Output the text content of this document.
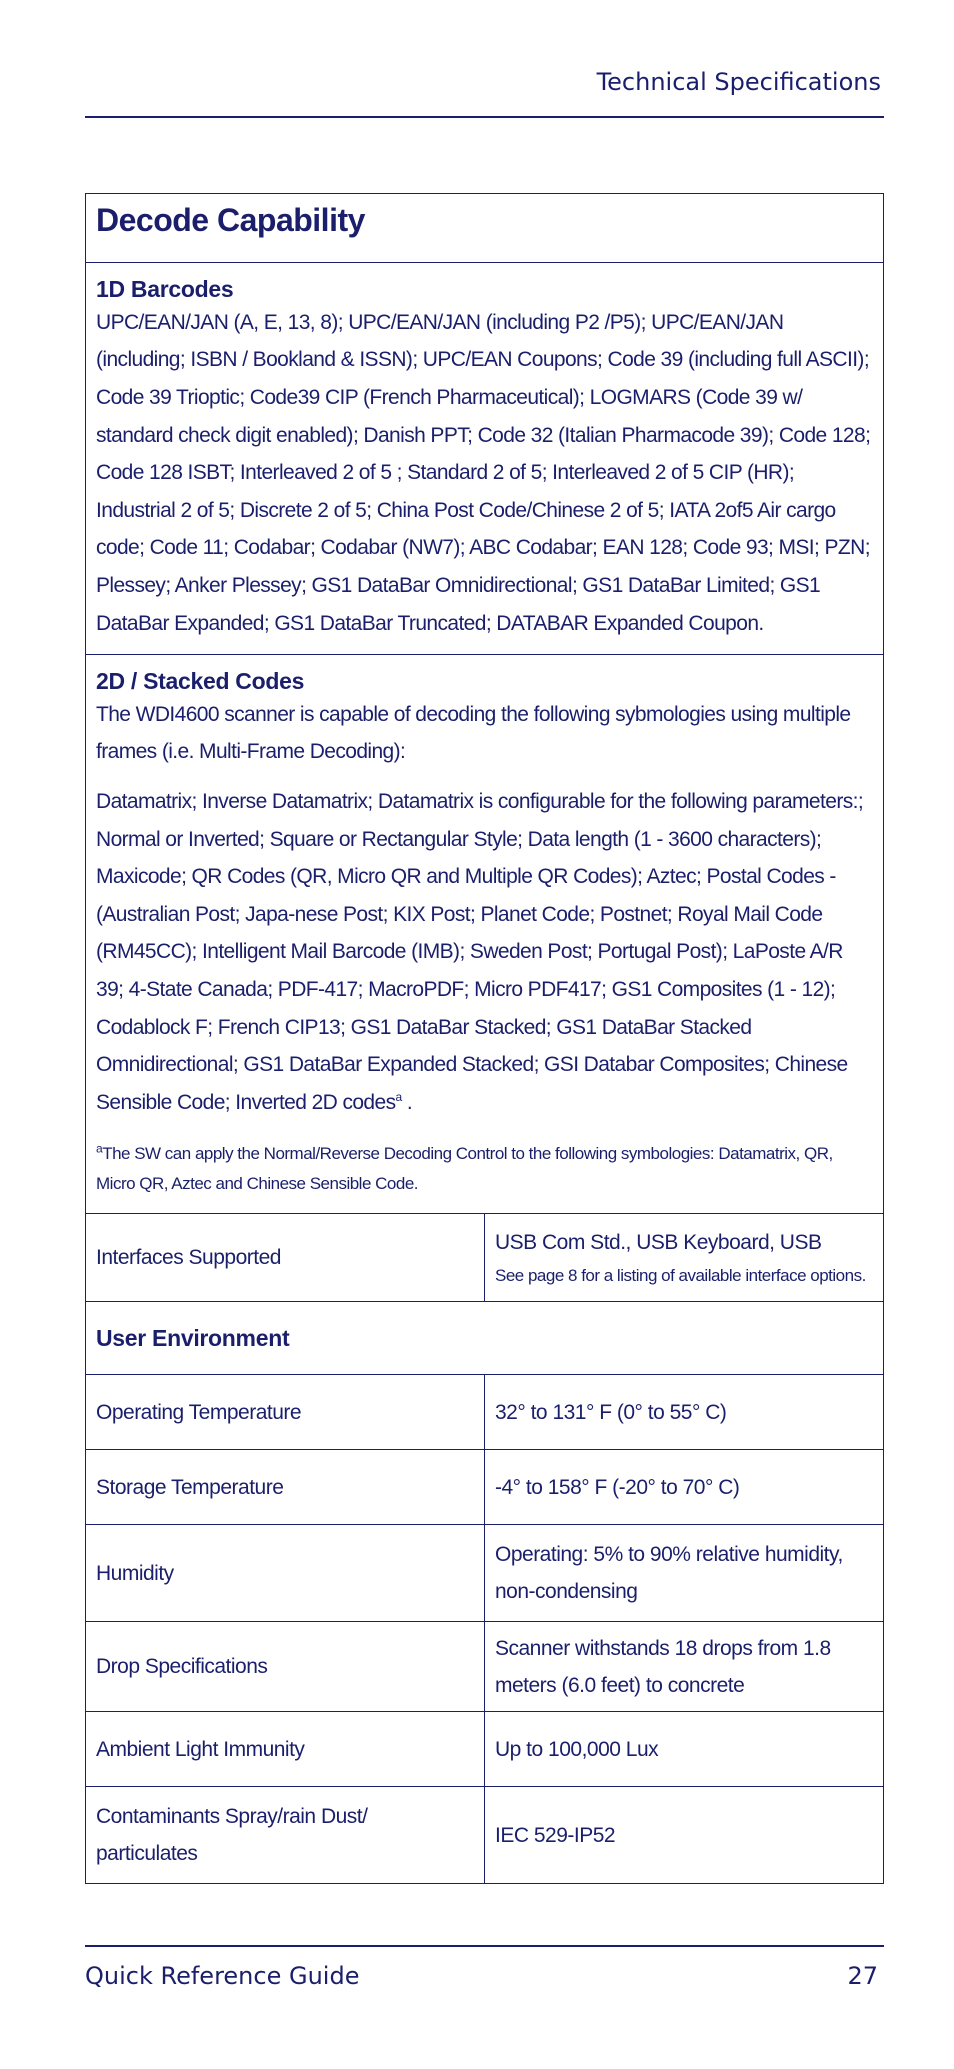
Technical Specifications
Decode Capability	

1D Barcodes

UPC/EAN/JAN (A, E, 13, 8); UPC/EAN/JAN (including P2 /P5); UPC/EAN/JAN (including; ISBN / Bookland & ISSN); UPC/EAN Coupons; Code 39 (including full ASCII); Code 39 Trioptic; Code39 CIP (French Pharmaceutical); LOGMARS (Code 39 w/ standard check digit enabled); Danish PPT; Code 32 (Italian Pharmacode 39); Code 128; Code 128 ISBT; Interleaved 2 of 5 ; Standard 2 of 5; Interleaved 2 of 5 CIP (HR); Industrial 2 of 5; Discrete 2 of 5; China Post Code/Chinese 2 of 5; IATA 2of5 Air cargo code; Code 11; Codabar; Codabar (NW7); ABC Codabar; EAN 128; Code 93; MSI; PZN; Plessey; Anker Plessey; GS1 DataBar Omnidirectional; GS1 DataBar Limited; GS1 DataBar Expanded; GS1 DataBar Truncated; DATABAR Expanded Coupon.	

2D / Stacked Codes

The WDI4600 scanner is capable of decoding the following sybmologies using multiple frames (i.e. Multi-Frame Decoding):

Datamatrix; Inverse Datamatrix; Datamatrix is configurable for the following parameters:; Normal or Inverted; Square or Rectangular Style; Data length (1 - 3600 characters); Maxicode; QR Codes (QR, Micro QR and Multiple QR Codes); Aztec; Postal Codes - (Australian Post; Japa-nese Post; KIX Post; Planet Code; Postnet; Royal Mail Code (RM45CC); Intelligent Mail Barcode (IMB); Sweden Post; Portugal Post); LaPoste A/R 39; 4-State Canada; PDF-417; MacroPDF; Micro PDF417; GS1 Composites (1 - 12); Codablock F; French CIP13; GS1 DataBar Stacked; GS1 DataBar Stacked Omnidirectional; GS1 DataBar Expanded Stacked; GSI Databar Composites; Chinese Sensible Code; Inverted 2D codes$^a$ .

$^a$The SW can apply the Normal/Reverse Decoding Control to the following symbologies: Datamatrix, QR, Micro QR, Aztec and Chinese Sensible Code.	

Interfaces Supported	USB Com Std., USB Keyboard, USB
See page 8 for a listing of available interface options.

User Environment	
Operating Temperature	32° to 131° F (0° to 55° C)
Storage Temperature	-4° to 158° F (-20° to 70° C)
Humidity	Operating: 5% to 90% relative humidity, non-condensing
Drop Specifications	Scanner withstands 18 drops from 1.8 meters (6.0 feet) to concrete
Ambient Light Immunity	Up to 100,000 Lux
Contaminants Spray/rain Dust/ particulates	IEC 529-IP52
Quick Reference Guide	27
